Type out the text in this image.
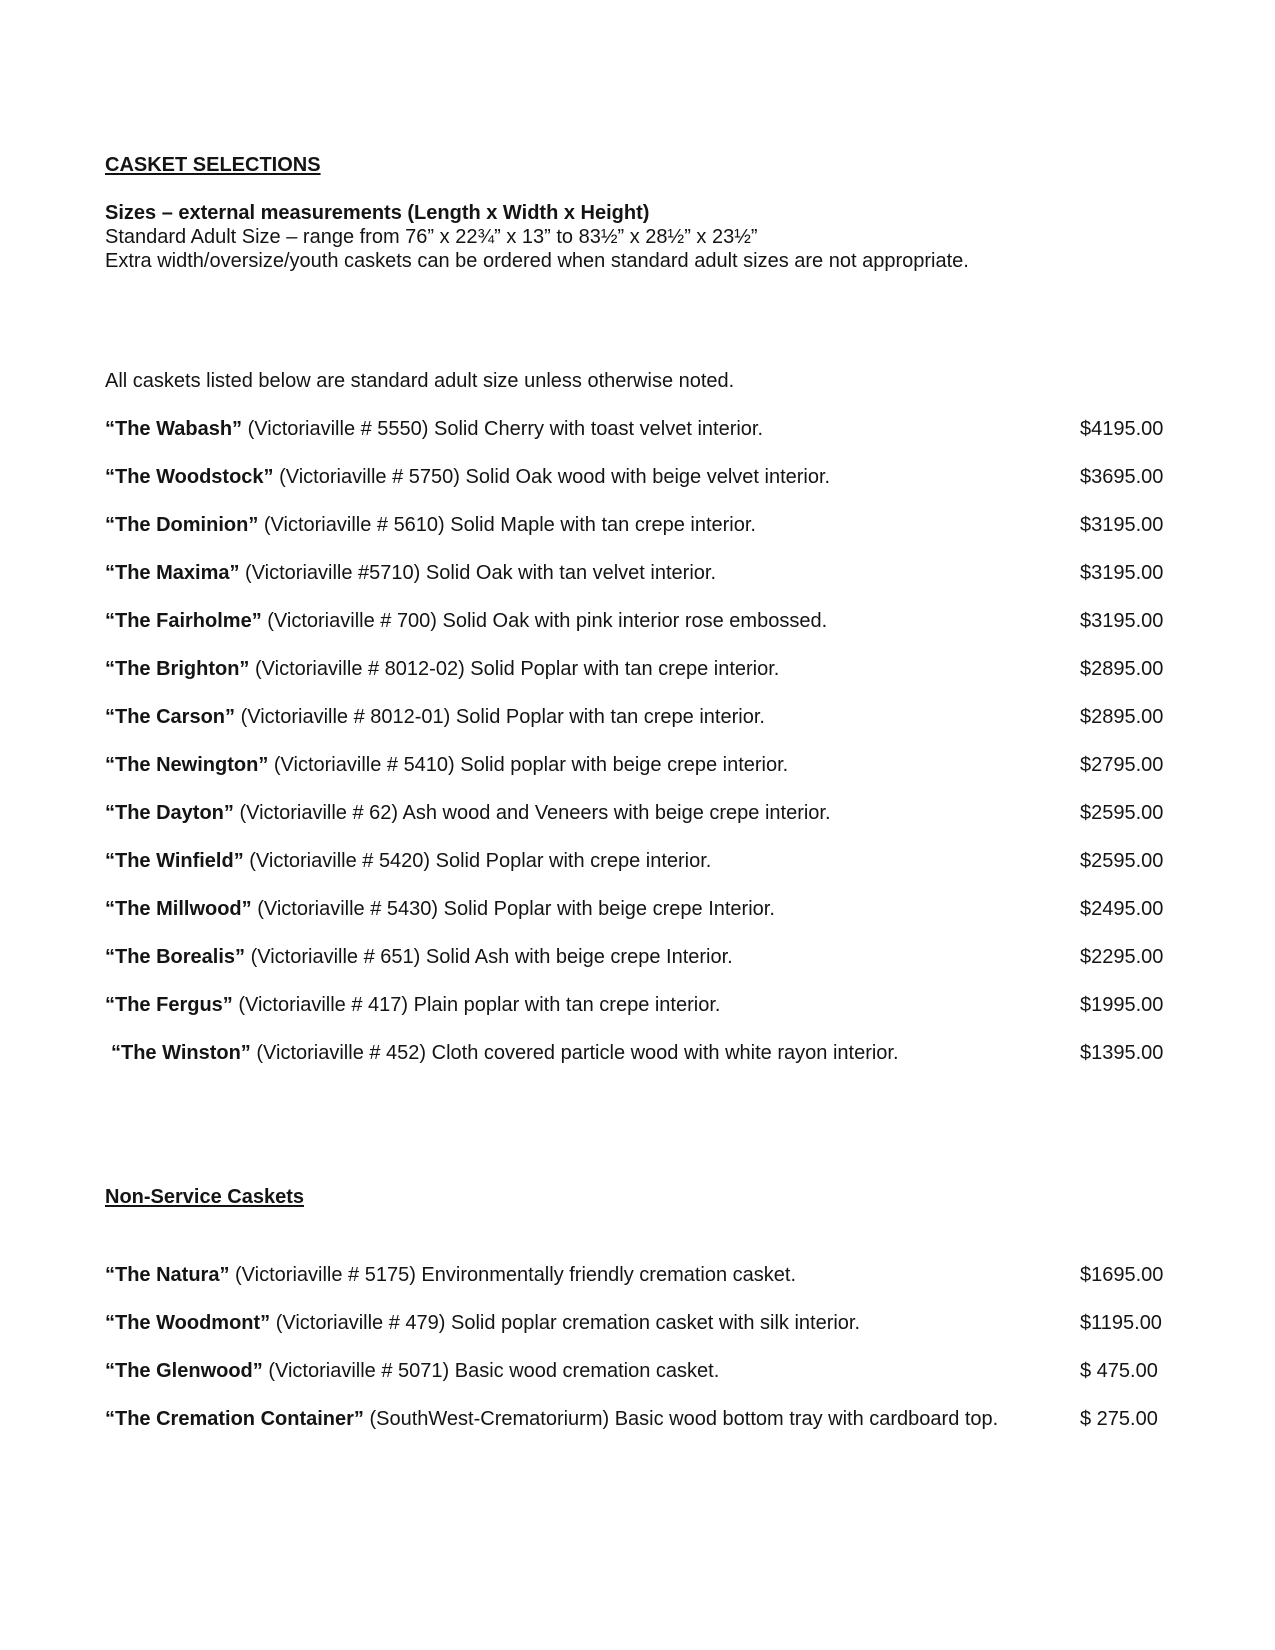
CASKET SELECTIONS
Sizes – external measurements (Length x Width x Height)
Standard Adult Size – range from 76” x 22¾” x 13” to 83½” x 28½” x 23½”
Extra width/oversize/youth caskets can be ordered when standard adult sizes are not appropriate.
All caskets listed below are standard adult size unless otherwise noted.
“The Wabash” (Victoriaville # 5550) Solid Cherry with toast velvet interior.	$4195.00
“The Woodstock” (Victoriaville # 5750) Solid Oak wood with beige velvet interior.	$3695.00
“The Dominion” (Victoriaville # 5610) Solid Maple with tan crepe interior.	$3195.00
“The Maxima” (Victoriaville #5710) Solid Oak with tan velvet interior.	$3195.00
“The Fairholme” (Victoriaville # 700) Solid Oak with pink interior rose embossed.	$3195.00
“The Brighton” (Victoriaville # 8012-02) Solid Poplar with tan crepe interior.	$2895.00
“The Carson” (Victoriaville # 8012-01) Solid Poplar with tan crepe interior.	$2895.00
“The Newington” (Victoriaville # 5410) Solid poplar with beige crepe interior.	$2795.00
“The Dayton” (Victoriaville # 62) Ash wood and Veneers with beige crepe interior.	$2595.00
“The Winfield” (Victoriaville # 5420) Solid Poplar with crepe interior.	$2595.00
“The Millwood” (Victoriaville # 5430) Solid Poplar with beige crepe Interior.	$2495.00
“The Borealis” (Victoriaville # 651) Solid Ash with beige crepe Interior.	$2295.00
“The Fergus” (Victoriaville # 417) Plain poplar with tan crepe interior.	$1995.00
“The Winston” (Victoriaville # 452) Cloth covered particle wood with white rayon interior.	$1395.00
Non-Service Caskets
“The Natura” (Victoriaville # 5175) Environmentally friendly cremation casket.	$1695.00
“The Woodmont” (Victoriaville # 479) Solid poplar cremation casket with silk interior.	$1195.00
“The Glenwood” (Victoriaville # 5071) Basic wood cremation casket.	$ 475.00
“The Cremation Container” (SouthWest-Crematoriurm) Basic wood bottom tray with cardboard top.	$ 275.00
